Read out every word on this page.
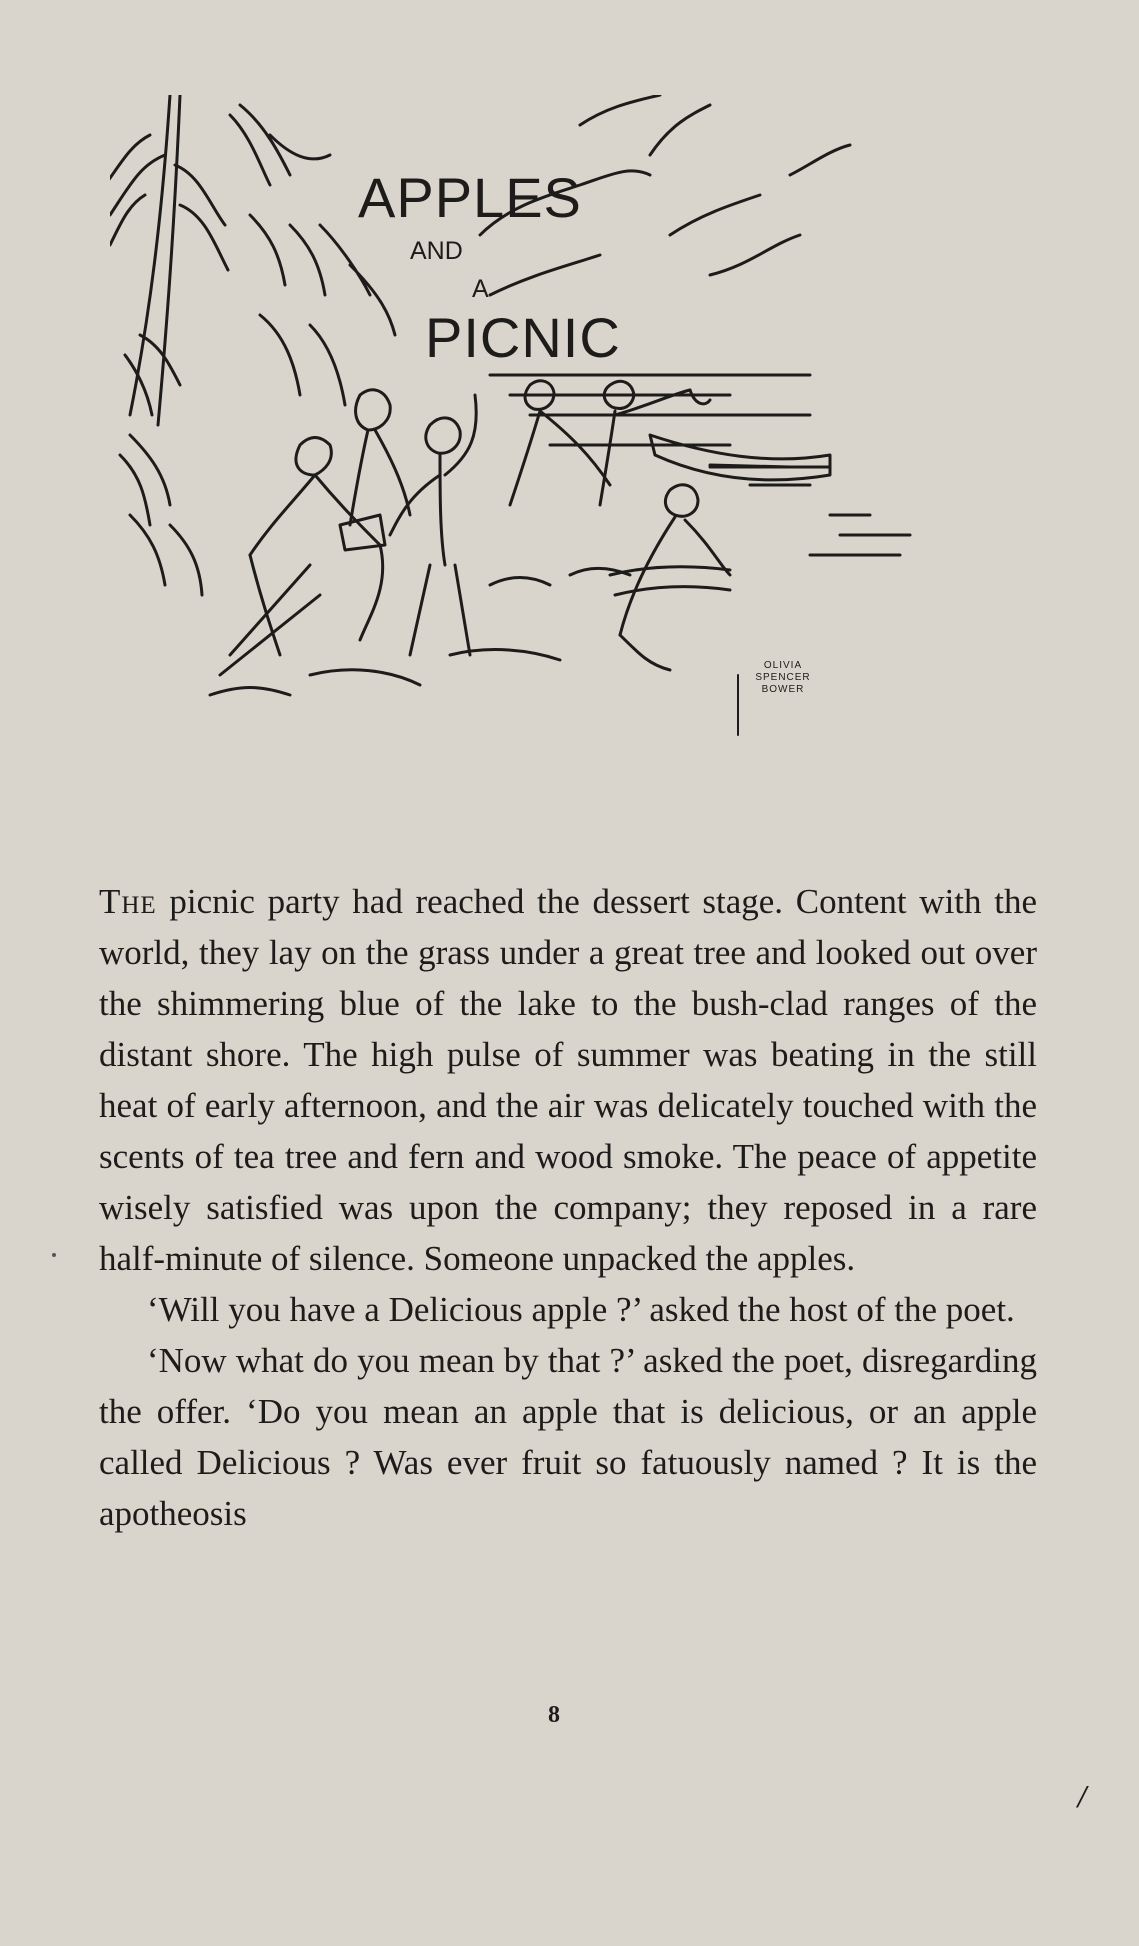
APPLES
AND
A
PICNIC
OLIVIA
SPENCER
BOWER

The picnic party had reached the dessert stage. Content with the world, they lay on the grass under a great tree and looked out over the shimmering blue of the lake to the bush-clad ranges of the distant shore. The high pulse of summer was beating in the still heat of early afternoon, and the air was delicately touched with the scents of tea tree and fern and wood smoke. The peace of appetite wisely satisfied was upon the company; they reposed in a rare half-minute of silence. Someone unpacked the apples.

‘Will you have a Delicious apple ?’ asked the host of the poet.

‘Now what do you mean by that ?’ asked the poet, disregarding the offer. ‘Do you mean an apple that is delicious, or an apple called Delicious ? Was ever fruit so fatuously named ? It is the apotheosis

8
/
